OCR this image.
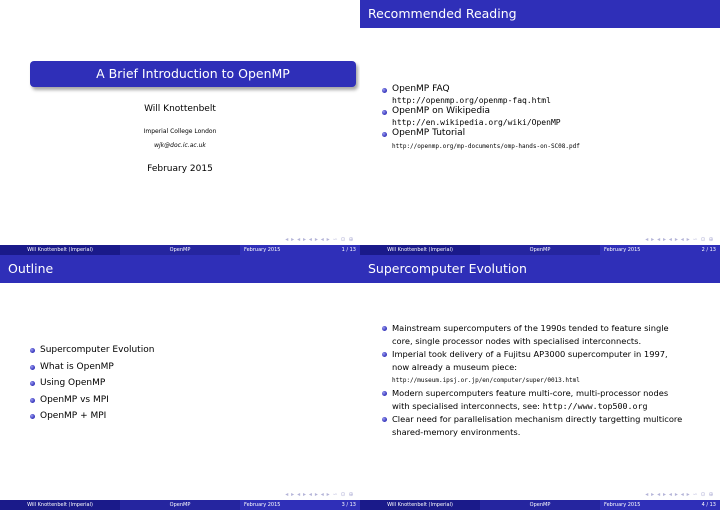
A Brief Introduction to OpenMP
Will Knottenbelt
Imperial College London
wjk@doc.ic.ac.uk
February 2015
◂ ▸ ◂ ▸ ◂ ▸ ◂ ▸ ∽ ⊙ ⊕
Will Knottenbelt (Imperial)	OpenMP	February 2015	1 / 13
Recommended Reading
OpenMP FAQ
http://openmp.org/openmp-faq.html
OpenMP on Wikipedia
http://en.wikipedia.org/wiki/OpenMP
OpenMP Tutorial
http://openmp.org/mp-documents/omp-hands-on-SC08.pdf
◂ ▸ ◂ ▸ ◂ ▸ ◂ ▸ ∽ ⊙ ⊕
Will Knottenbelt (Imperial)	OpenMP	February 2015	2 / 13
Outline
Supercomputer Evolution
What is OpenMP
Using OpenMP
OpenMP vs MPI
OpenMP + MPI
◂ ▸ ◂ ▸ ◂ ▸ ◂ ▸ ∽ ⊙ ⊕
Will Knottenbelt (Imperial)	OpenMP	February 2015	3 / 13
Supercomputer Evolution
Mainstream supercomputers of the 1990s tended to feature single
core, single processor nodes with specialised interconnects.
Imperial took delivery of a Fujitsu AP3000 supercomputer in 1997,
now already a museum piece:
http://museum.ipsj.or.jp/en/computer/super/0013.html
Modern supercomputers feature multi-core, multi-processor nodes
with specialised interconnects, see: http://www.top500.org
Clear need for parallelisation mechanism directly targetting multicore
shared-memory environments.
◂ ▸ ◂ ▸ ◂ ▸ ◂ ▸ ∽ ⊙ ⊕
Will Knottenbelt (Imperial)	OpenMP	February 2015	4 / 13
